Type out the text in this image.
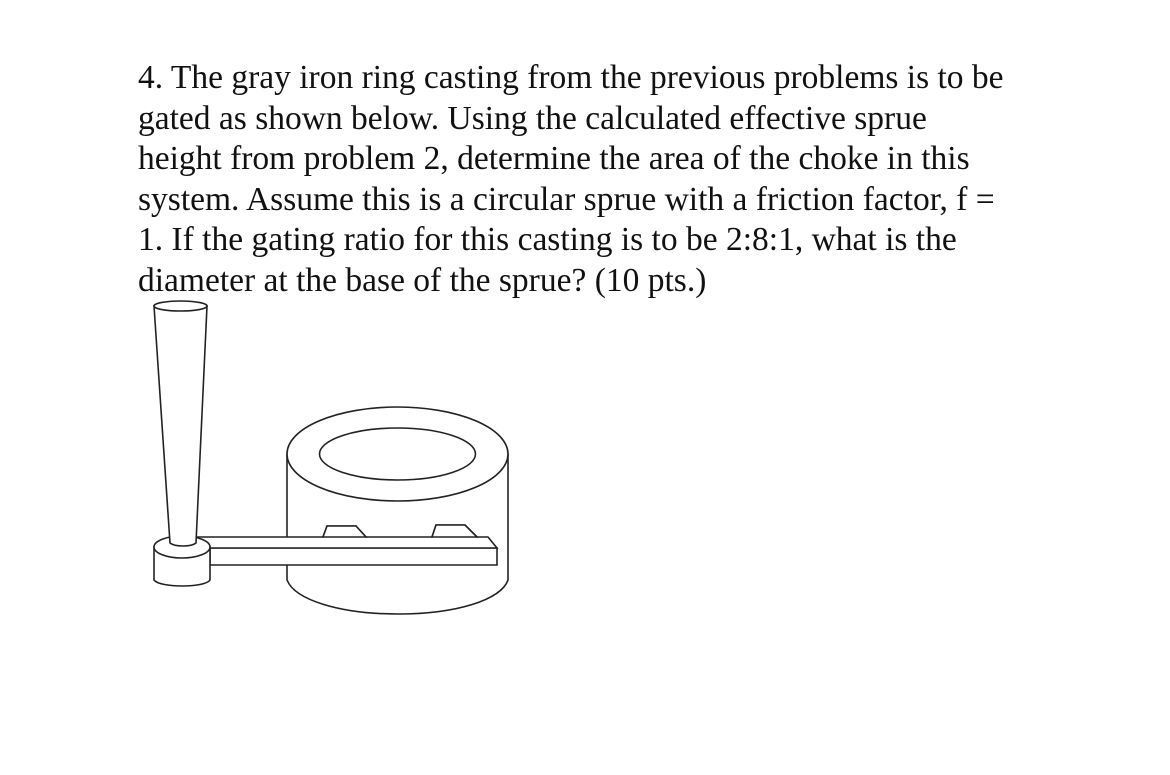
4. The gray iron ring casting from the previous problems is to be
gated as shown below. Using the calculated effective sprue
height from problem 2, determine the area of the choke in this
system. Assume this is a circular sprue with a friction factor, f =
1. If the gating ratio for this casting is to be 2:8:1, what is the
diameter at the base of the sprue? (10 pts.)
